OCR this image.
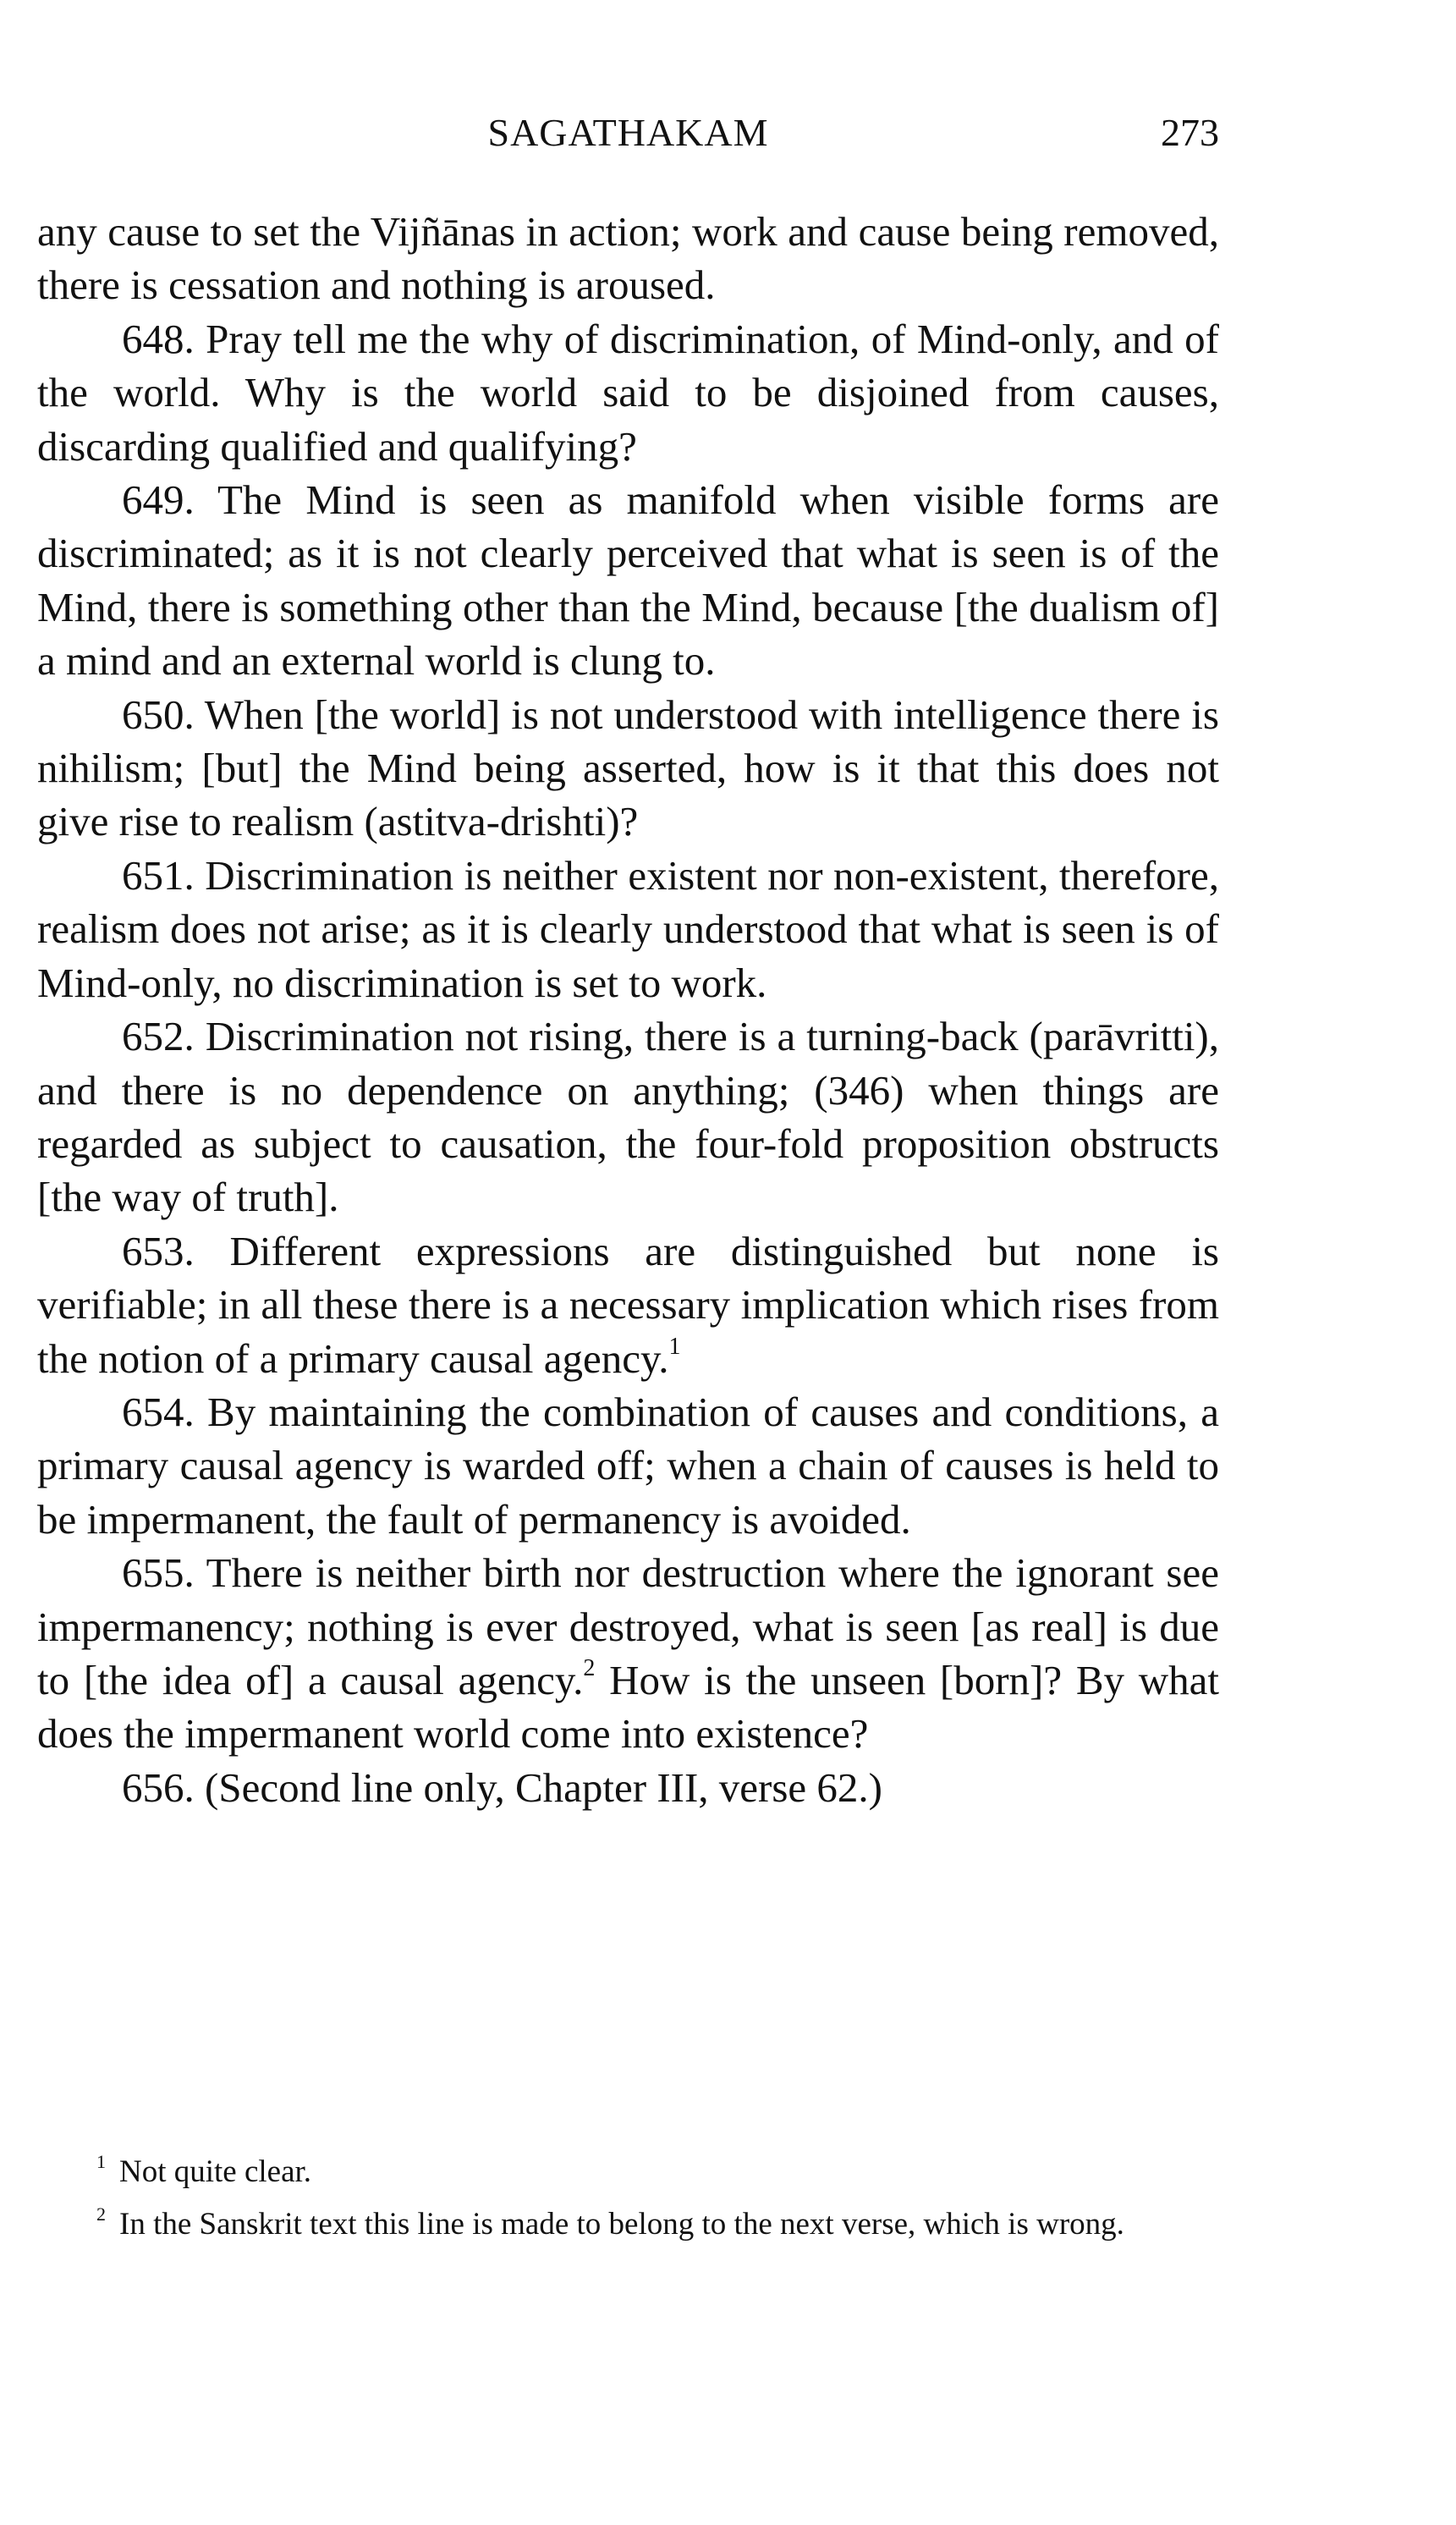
SAGATHAKAM	273

any cause to set the Vijñānas in action; work and cause being removed, there is cessation and nothing is aroused.

648. Pray tell me the why of discrimination, of Mind-only, and of the world. Why is the world said to be disjoined from causes, discarding qualified and qualifying?

649. The Mind is seen as manifold when visible forms are discriminated; as it is not clearly perceived that what is seen is of the Mind, there is something other than the Mind, because [the dualism of] a mind and an external world is clung to.

650. When [the world] is not understood with intelligence there is nihilism; [but] the Mind being asserted, how is it that this does not give rise to realism (astitva-drishti)?

651. Discrimination is neither existent nor non-existent, therefore, realism does not arise; as it is clearly understood that what is seen is of Mind-only, no discrimination is set to work.

652. Discrimination not rising, there is a turning-back (parāvritti), and there is no dependence on anything; (346) when things are regarded as subject to causation, the four-fold proposition obstructs [the way of truth].

653. Different expressions are distinguished but none is verifiable; in all these there is a necessary implication which rises from the notion of a primary causal agency.$^1$

654. By maintaining the combination of causes and conditions, a primary causal agency is warded off; when a chain of causes is held to be impermanent, the fault of permanency is avoided.

655. There is neither birth nor destruction where the ignorant see impermanency; nothing is ever destroyed, what is seen [as real] is due to [the idea of] a causal agency.$^2$ How is the unseen [born]? By what does the impermanent world come into existence?

656. (Second line only, Chapter III, verse 62.)

$^1$ Not quite clear.

$^2$ In the Sanskrit text this line is made to belong to the next verse, which is wrong.
